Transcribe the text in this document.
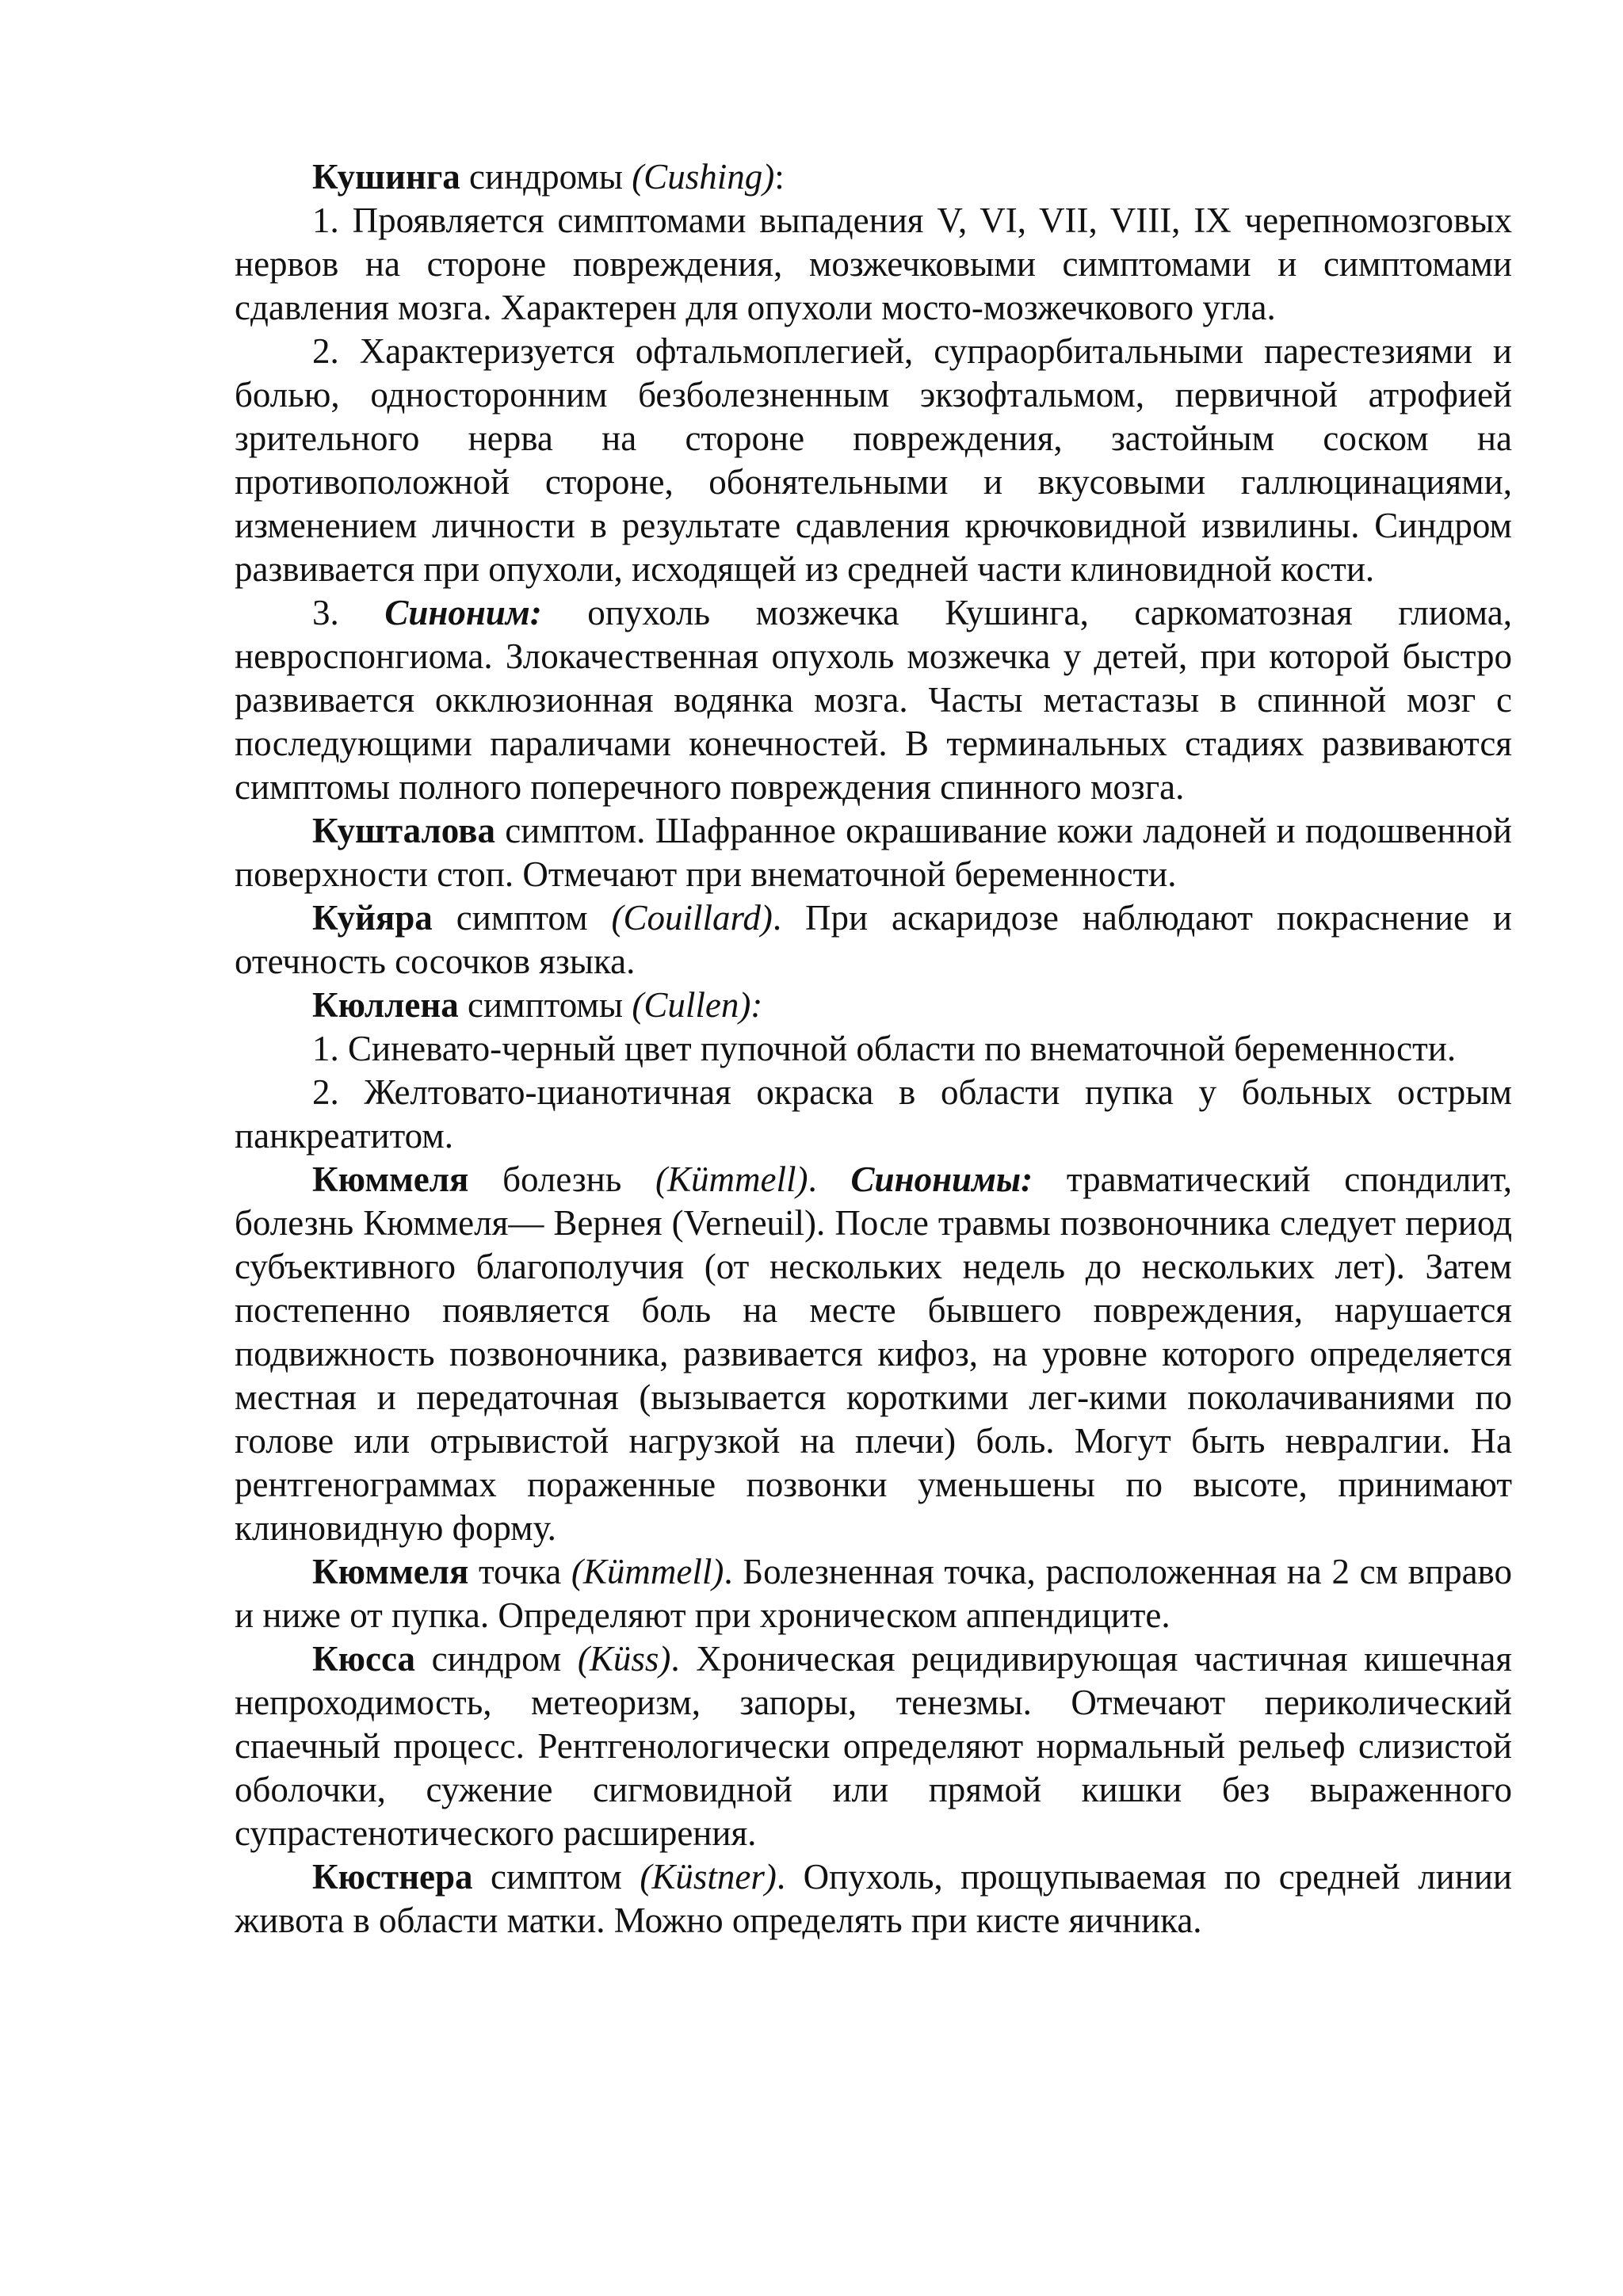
Кушинга синдромы (Cushing):

1. Проявляется симптомами выпадения V, VI, VII, VIII, IX черепномозговых нервов на стороне повреждения, мозжечковыми симптомами и симптомами сдавления мозга. Характерен для опухоли мосто-мозжечкового угла.

2. Характеризуется офтальмоплегией, супраорбитальными парестезиями и болью, односторонним безболезненным экзофтальмом, первичной атрофией зрительного нерва на стороне повреждения, застойным соском на противоположной стороне, обонятельными и вкусовыми галлюцинациями, изменением личности в результате сдавления крючковидной извилины. Синдром развивается при опухоли, исходящей из средней части клиновидной кости.

3. Синоним: опухоль мозжечка Кушинга, саркоматозная глиома, невроспонгиома. Злокачественная опухоль мозжечка у детей, при которой быстро развивается окклюзионная водянка мозга. Часты метастазы в спинной мозг с последующими параличами конечностей. В терминальных стадиях развиваются симптомы полного поперечного повреждения спинного мозга.

Кушталова симптом. Шафранное окрашивание кожи ладоней и подошвенной поверхности стоп. Отмечают при внематочной беременности.

Куйяра симптом (Couillard). При аскаридозе наблюдают покраснение и отечность сосочков языка.

Кюллена симптомы (Cullen):

1. Синевато-черный цвет пупочной области по внематочной беременности.

2. Желтовато-цианотичная окраска в области пупка у больных острым панкреатитом.

Кюммеля болезнь (Kümmell). Синонимы: травматический спондилит, болезнь Кюммеля— Вернея (Verneuil). После травмы позвоночника следует период субъективного благополучия (от нескольких недель до нескольких лет). Затем постепенно появляется боль на месте бывшего повреждения, нарушается подвижность позвоночника, развивается кифоз, на уровне которого определяется местная и передаточная (вызывается короткими лег-кими поколачиваниями по голове или отрывистой нагрузкой на плечи) боль. Могут быть невралгии. На рентгенограммах пораженные позвонки уменьшены по высоте, принимают клиновидную форму.

Кюммеля точка (Kümmell). Болезненная точка, расположенная на 2 см вправо и ниже от пупка. Определяют при хроническом аппендиците.

Кюсса синдром (Küss). Хроническая рецидивирующая частичная кишечная непроходимость, метеоризм, запоры, тенезмы. Отмечают периколический спаечный процесс. Рентгенологически определяют нормальный рельеф слизистой оболочки, сужение сигмовидной или прямой кишки без выраженного супрастенотического расширения.

Кюстнера симптом (Küstner). Опухоль, прощупываемая по средней линии живота в области матки. Можно определять при кисте яичника.
